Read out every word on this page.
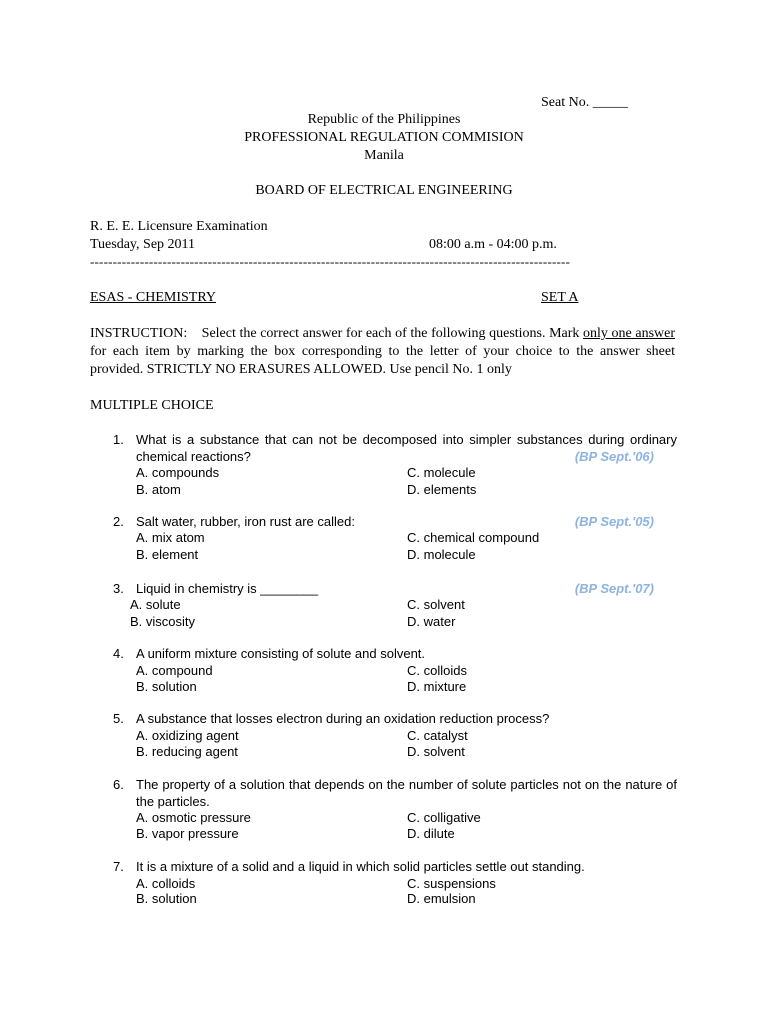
Seat No. _____
Republic of the Philippines
PROFESSIONAL REGULATION COMMISION
Manila
BOARD OF ELECTRICAL ENGINEERING
R. E. E. Licensure Examination
Tuesday, Sep 2011	08:00 a.m - 04:00 p.m.
----------------------------------------------------------------------------------------------------------
ESAS - CHEMISTRY	SET A
INSTRUCTION: Select the correct answer for each of the following questions. Mark only one answer for each item by marking the box corresponding to the letter of your choice to the answer sheet provided. STRICTLY NO ERASURES ALLOWED. Use pencil No. 1 only
MULTIPLE CHOICE
1. What is a substance that can not be decomposed into simpler substances during ordinary chemical reactions?	(BP Sept.'06)
A. compounds
B. atom
C. molecule
D. elements
2. Salt water, rubber, iron rust are called:	(BP Sept.'05)
A. mix atom
B. element
C. chemical compound
D. molecule
3. Liquid in chemistry is ________	(BP Sept.'07)
A. solute
B. viscosity
C. solvent
D. water
4. A uniform mixture consisting of solute and solvent.
A. compound
B. solution
C. colloids
D. mixture
5. A substance that losses electron during an oxidation reduction process?
A. oxidizing agent
B. reducing agent
C. catalyst
D. solvent
6. The property of a solution that depends on the number of solute particles not on the nature of the particles.
A. osmotic pressure
B. vapor pressure
C. colligative
D. dilute
7. It is a mixture of a solid and a liquid in which solid particles settle out standing.
A. colloids
B. solution
C. suspensions
D. emulsion
